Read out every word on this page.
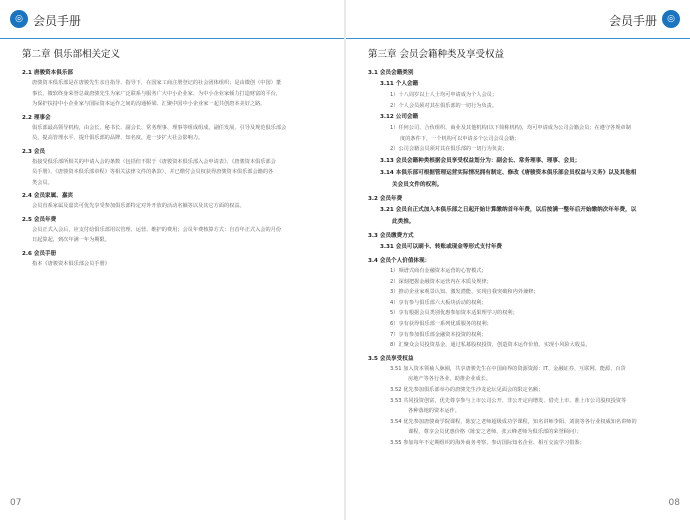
◎ 会员手册
第二章 俱乐部相关定义
2.1 唐骏资本俱乐部
唐骏资本俱乐部是在唐骏先生亲自指导、指导下，在国家工商注册登记的社会团体组织；是由微创（中国）董
事长、微软终身荣誉总裁唐骏先生为家广泛联系与服务广大中小企业家、为中小企业家倾力打造财富的平台，
为保护扶持中小企业家与国际资本运作之间的沟通桥梁、汇聚中国中小企业家一起共创唐本美好之路。
2.2 理事会
俱乐部最高领导机构，由会长、秘书长、副会长、常务理事、理事等组成组成，副任发展、引导及规范俱乐部会
员，提高管理水平、提升俱乐部的品牌、知名度，进一步扩大社会影响力。
2.3 会员
指接受俱乐部所相关的申请入会的条数（包括但不限于《唐骏资本俱乐部入会申请表》、《唐骏资本俱乐部会
员手册》、《唐骏资本俱乐部章程》等相关法律文件的条款），并已缴付会员权获得唐骏资本俱乐部会籍的各
类会员。
2.4 会员家属、嘉宾
会员直系家属及嘉宾可优先享受参加俱乐部特定对外开放的活动名额等以及其它方面的权益。
2.5 会员年费
会员正式入会后，应支付给俱乐部用以管理、运营、维护的费用；会员年费核算方式：自首年正式入会的月份
日起算起，到次年满一年为期限。
2.6 会员手册
指本《唐骏资本俱乐部会员手册》
07
会员手册	◎
第三章 会员会籍种类及享受权益
3.1 会员会籍类别
3.11 个人会籍
1）十八周岁以上人士均可申请成为个人会员；
2）个人会员须对其在俱乐部的一切行为负责。
3.12 公司会籍
1）任何公司、合伙组织、商业及其他机构(以下简称机构)，均可申请成为公司会籍会员；在遵守各规章制
度的条件下，一个机构可以申请多个公司会员会籍；
2）公司会籍会员须对其在俱乐部的一切行为负责；
3.13 会员会籍种类根据会员享受权益划分为：副会长、常务理事、理事、会员；
3.14 本俱乐部可根据管理运营实际情况拥有制定、修改《唐骏资本俱乐部会员权益与义务》以及其他相
关会员文件的权利。
3.2 会员年费
3.21 会员自正式加入本俱乐部之日起开始计算缴纳首年年费，以后按满一整年后开始缴纳次年年费，以
此类推。
3.3 会员缴费方式
3.31 会员可以刷卡、转账或现金等形式支付年费
3.4 会员个人价值体现：
1）频谱式商有金融资本运营的心智模式；
2）深刻把握金融资本运营内在本质及规律；
3）推动企业家观景认知、激发潜能、实现自我突破和内外兼修；
4）享有参与俱乐部六大板块活动的权利；
5）享有根据会员类别优惠参加资本适果理学习的权利；
6）享有获得俱乐部一系列优质服务的权利；
7）享有参加俱乐部金融资本投资的权利；
8）汇聚众会员投资基金，通过私募股权投资，创造资本运作价值、实现小风险大收益。
3.5 会员享受权益
3.51 加入资本领袖人脉圈，共享唐骏先生在中国商界的资源资源：IT、金融证券、互联网、能源、百货
房地产等各行各业，助推企业成长。
3.52 优先参加俱乐部举办的唐骏先生沙龙论坛见面会的限定名额；
3.53 共同投资创富，优先尊享参与上市公司公开、非公开定向增发、借壳上市、准上市公司股权投资等
各种落地的资本运作。
3.54 优先参加唐骏商学院课程，陈安之老师超级成功学课程，知名讲师李阳、刘润等各行业权威知名讲师的
课程，尊享会员优惠价格（陈安之老师、张云峰老师为俱乐部的荣誉顾问）；
3.55 参加每年不定期组织的海外商务考察、参访国际知名企业、相互交流学习借鉴；
08
